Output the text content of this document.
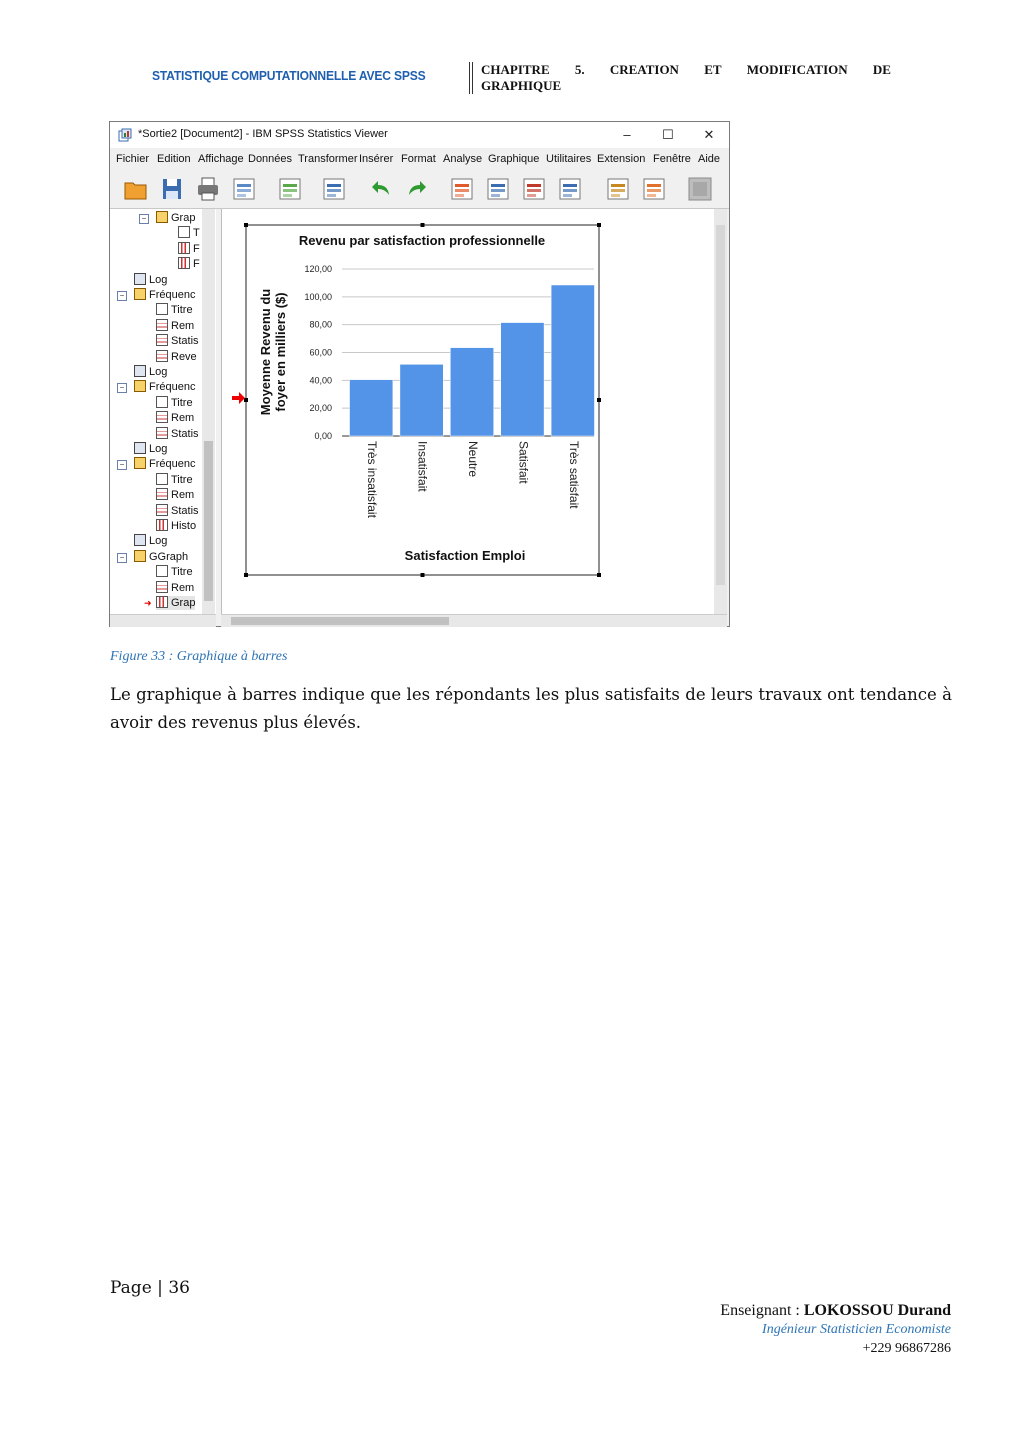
STATISTIQUE COMPUTATIONNELLE AVEC SPSS	CHAPITRE 5. CREATION ET MODIFICATION DE
GRAPHIQUE
*Sortie2 [Document2] - IBM SPSS Statistics Viewer	–	☐	✕
Fichier Edition Affichage Données Transformer Insérer Format Analyse Graphique Utilitaires Extension Fenêtre Aide
−	Grap
T
F
F
Log
−	Fréquenc
Titre
Rem
Statis
Reve
Log
−	Fréquenc
Titre
Rem
Statis
Log
−	Fréquenc
Titre
Rem
Statis
Histo
Log
−	GGraph
Titre
Rem
Grap
➜
Revenu par satisfaction professionnelle
0,00
20,00
40,00
60,00
80,00
100,00
120,00
Très insatisfait	Insatisfait	Neutre	Satisfait	Très satisfait
Satisfaction Emploi
Moyenne Revenu du foyer en milliers ($)
Figure 33 : Graphique à barres
Le graphique à barres indique que les répondants les plus satisfaits de leurs travaux ont tendance à avoir des revenus plus élevés.
Page | 36
Enseignant : LOKOSSOU Durand
Ingénieur Statisticien Economiste
+229 96867286
